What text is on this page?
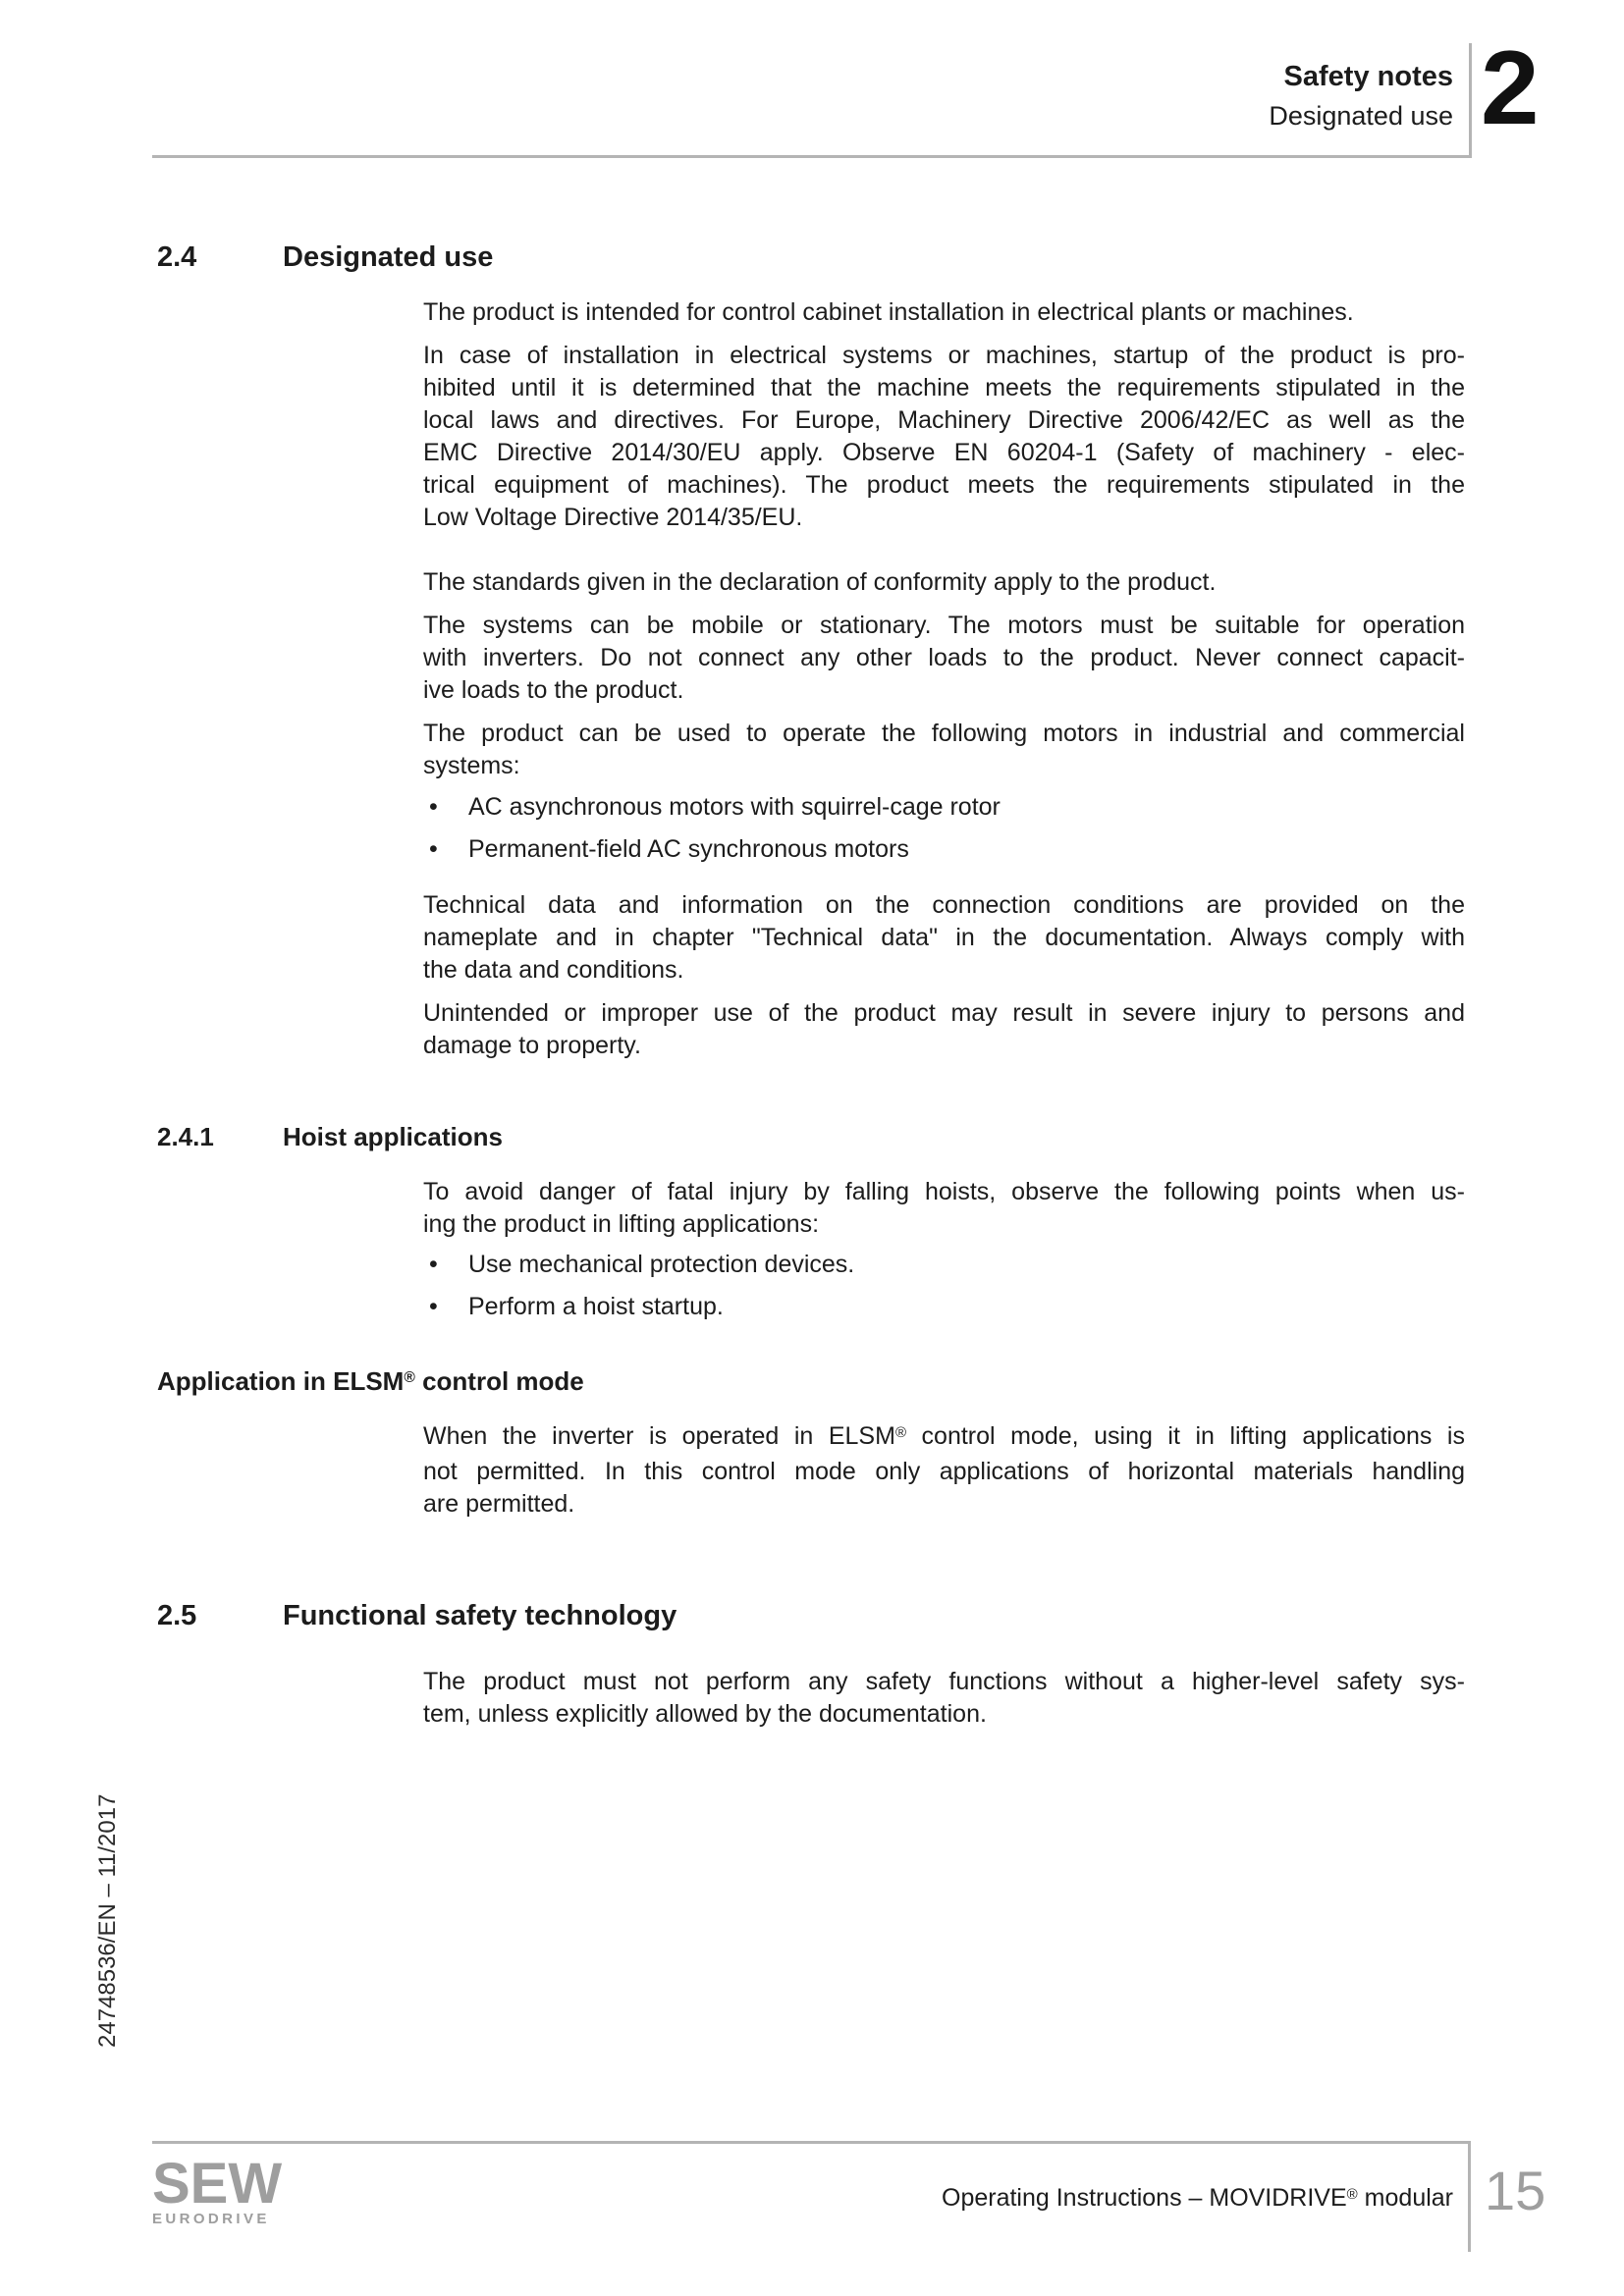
Safety notes
Designated use 2
2.4	Designated use
The product is intended for control cabinet installation in electrical plants or machines.
In case of installation in electrical systems or machines, startup of the product is pro-
hibited until it is determined that the machine meets the requirements stipulated in the
local laws and directives. For Europe, Machinery Directive 2006/42/EC as well as the
EMC Directive 2014/30/EU apply. Observe EN 60204-1 (Safety of machinery - elec-
trical equipment of machines). The product meets the requirements stipulated in the
Low Voltage Directive 2014/35/EU.
The standards given in the declaration of conformity apply to the product.
The systems can be mobile or stationary. The motors must be suitable for operation
with inverters. Do not connect any other loads to the product. Never connect capacit-
ive loads to the product.
The product can be used to operate the following motors in industrial and commercial
systems:
• AC asynchronous motors with squirrel-cage rotor
• Permanent-field AC synchronous motors
Technical data and information on the connection conditions are provided on the
nameplate and in chapter "Technical data" in the documentation. Always comply with
the data and conditions.
Unintended or improper use of the product may result in severe injury to persons and
damage to property.
2.4.1	Hoist applications
To avoid danger of fatal injury by falling hoists, observe the following points when us-
ing the product in lifting applications:
• Use mechanical protection devices.
• Perform a hoist startup.
Application in ELSM® control mode
When the inverter is operated in ELSM® control mode, using it in lifting applications is
not permitted. In this control mode only applications of horizontal materials handling
are permitted.
2.5	Functional safety technology
The product must not perform any safety functions without a higher-level safety sys-
tem, unless explicitly allowed by the documentation.
24748536/EN – 11/2017
SEW
EURODRIVE
Operating Instructions – MOVIDRIVE® modular 15
